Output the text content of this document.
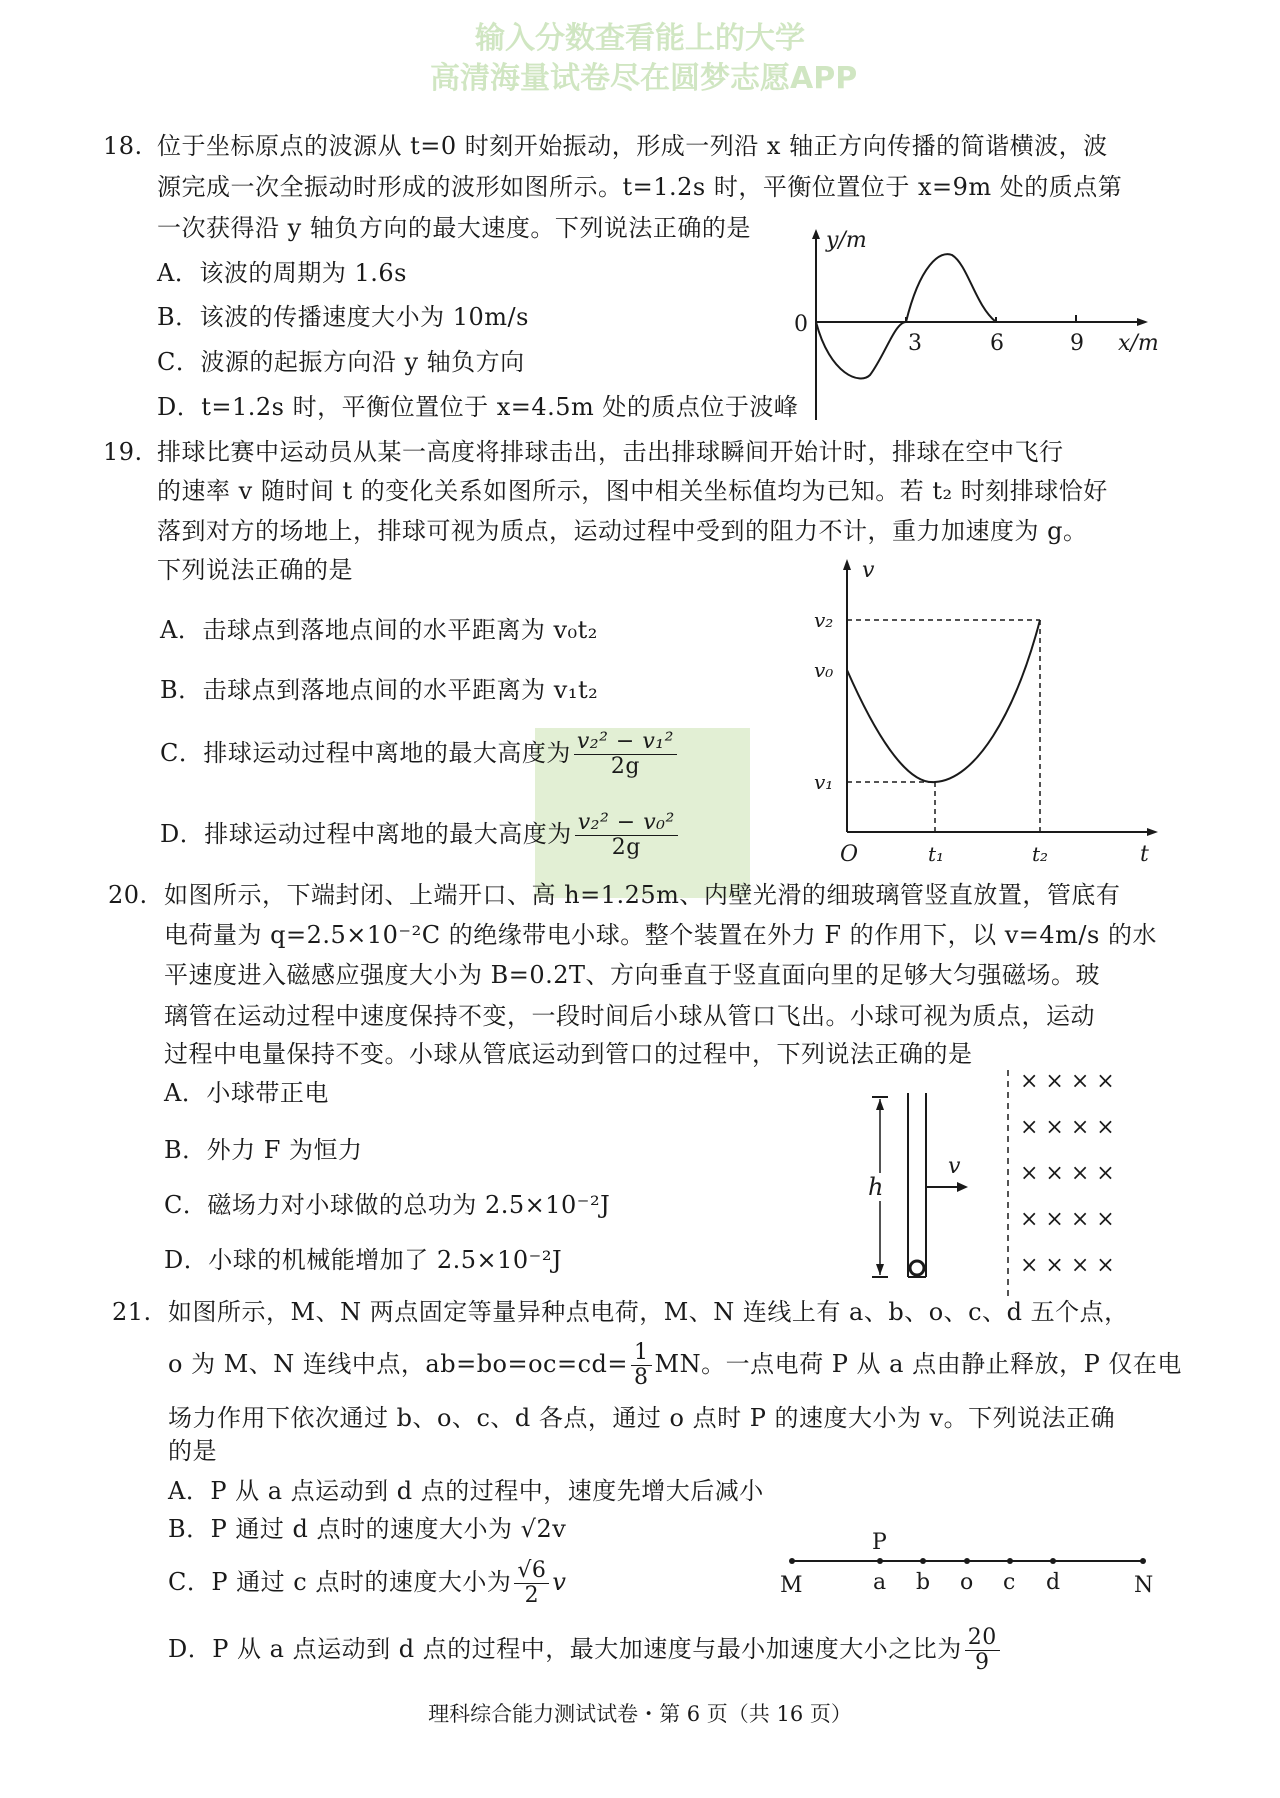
输入分数查看能上的大学
高清海量试卷尽在圆梦志愿APP
18. 位于坐标原点的波源从 t=0 时刻开始振动，形成一列沿 x 轴正方向传播的简谐横波，波
源完成一次全振动时形成的波形如图所示。t=1.2s 时，平衡位置位于 x=9m 处的质点第
一次获得沿 y 轴负方向的最大速度。下列说法正确的是
A．该波的周期为 1.6s
B．该波的传播速度大小为 10m/s
C．波源的起振方向沿 y 轴负方向
D．t=1.2s 时，平衡位置位于 x=4.5m 处的质点位于波峰
y/m
0
3	6	9 x/m
19. 排球比赛中运动员从某一高度将排球击出，击出排球瞬间开始计时，排球在空中飞行
的速率 v 随时间 t 的变化关系如图所示，图中相关坐标值均为已知。若 t₂ 时刻排球恰好
落到对方的场地上，排球可视为质点，运动过程中受到的阻力不计，重力加速度为 g。
下列说法正确的是
A．击球点到落地点间的水平距离为 v₀t₂
B．击球点到落地点间的水平距离为 v₁t₂
C．排球运动过程中离地的最大高度为 $\frac{\text{v₂² − v₁²}}{2g}$
D．排球运动过程中离地的最大高度为 $\frac{\text{v₂² − v₀²}}{2g}$
v
v₂
v₀
v₁
O	t₁	t₂	t
20. 如图所示，下端封闭、上端开口、高 h=1.25m、内壁光滑的细玻璃管竖直放置，管底有
电荷量为 q=2.5×10⁻²C 的绝缘带电小球。整个装置在外力 F 的作用下，以 v=4m/s 的水
平速度进入磁感应强度大小为 B=0.2T、方向垂直于竖直面向里的足够大匀强磁场。玻
璃管在运动过程中速度保持不变，一段时间后小球从管口飞出。小球可视为质点，运动
过程中电量保持不变。小球从管底运动到管口的过程中，下列说法正确的是
A．小球带正电
B．外力 F 为恒力
C．磁场力对小球做的总功为 2.5×10⁻²J
D．小球的机械能增加了 2.5×10⁻²J
h
v
× × × ×
× × × ×
× × × ×
× × × ×
× × × ×
21. 如图所示，M、N 两点固定等量异种点电荷，M、N 连线上有 a、b、o、c、d 五个点，
o 为 M、N 连线中点，$ab=bo=oc=cd= \frac{1}{8}$ MN。一点电荷 P 从 a 点由静止释放，P 仅在电
场力作用下依次通过 b、o、c、d 各点，通过 o 点时 P 的速度大小为 v。下列说法正确
的是
A．P 从 a 点运动到 d 点的过程中，速度先增大后减小
B．P 通过 d 点时的速度大小为 √2v
C．P 通过 c 点时的速度大小为 $\frac{√6}{2}$ v
D．P 从 a 点运动到 d 点的过程中，最大加速度与最小加速度大小之比为 $\frac{20}{9}$
P
M	a b o c d	N
理科综合能力测试试卷・第 6 页（共 16 页）
